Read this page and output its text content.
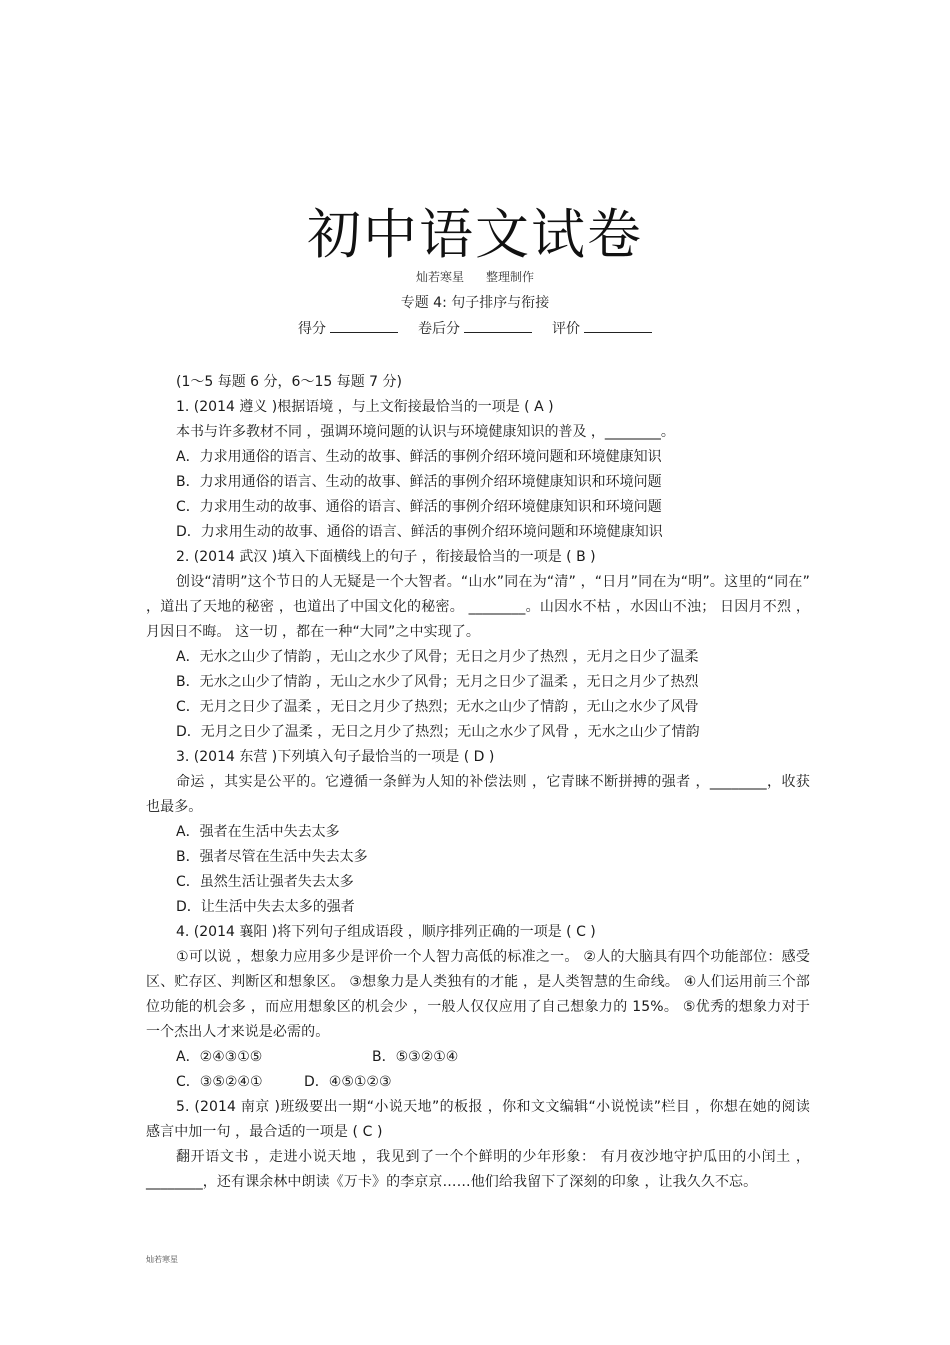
初中语文试卷
灿若寒星 整理制作
专题 4: 句子排序与衔接
得分	卷后分	评价
(1～5 每题 6 分，6～15 每题 7 分)
1. (2014 遵义 )根据语境 ，与上文衔接最恰当的一项是 ( A )
本书与许多教材不同 ，强调环境问题的认识与环境健康知识的普及 ，________。
A．力求用通俗的语言、生动的故事、鲜活的事例介绍环境问题和环境健康知识
B．力求用通俗的语言、生动的故事、鲜活的事例介绍环境健康知识和环境问题
C．力求用生动的故事、通俗的语言、鲜活的事例介绍环境健康知识和环境问题
D．力求用生动的故事、通俗的语言、鲜活的事例介绍环境问题和环境健康知识
2. (2014 武汉 )填入下面横线上的句子 ，衔接最恰当的一项是 ( B )
创设“清明”这个节日的人无疑是一个大智者。“山水”同在为“清” ，“日月”同在为“明”。这里的“同在” ，道出了天地的秘密 ，也道出了中国文化的秘密。 ________。山因水不枯 ，水因山不浊； 日因月不烈 ，月因日不晦。 这一切 ，都在一种“大同”之中实现了。
A．无水之山少了情韵 ，无山之水少了风骨；无日之月少了热烈 ，无月之日少了温柔
B．无水之山少了情韵 ，无山之水少了风骨；无月之日少了温柔 ，无日之月少了热烈
C．无月之日少了温柔 ，无日之月少了热烈；无水之山少了情韵 ，无山之水少了风骨
D．无月之日少了温柔 ，无日之月少了热烈；无山之水少了风骨 ，无水之山少了情韵
3. (2014 东营 )下列填入句子最恰当的一项是 ( D )
命运 ，其实是公平的。它遵循一条鲜为人知的补偿法则 ，它青睐不断拼搏的强者 ，________，收获也最多。
A．强者在生活中失去太多
B．强者尽管在生活中失去太多
C．虽然生活让强者失去太多
D．让生活中失去太多的强者
4. (2014 襄阳 )将下列句子组成语段 ，顺序排列正确的一项是 ( C )
①可以说 ，想象力应用多少是评价一个人智力高低的标准之一。 ②人的大脑具有四个功能部位：感受区、贮存区、判断区和想象区。 ③想象力是人类独有的才能 ，是人类智慧的生命线。 ④人们运用前三个部位功能的机会多 ，而应用想象区的机会少 ，一般人仅仅应用了自己想象力的 15%。 ⑤优秀的想象力对于一个杰出人才来说是必需的。
A．②④③①⑤	B．⑤③②①④
C．③⑤②④①	D．④⑤①②③
5. (2014 南京 )班级要出一期“小说天地”的板报 ，你和文文编辑“小说悦读”栏目 ，你想在她的阅读感言中加一句 ，最合适的一项是 ( C )
翻开语文书 ，走进小说天地 ，我见到了一个个鲜明的少年形象： 有月夜沙地守护瓜田的小闰土 ，________，还有课余林中朗读《万卡》的李京京……他们给我留下了深刻的印象 ，让我久久不忘。
灿若寒星
